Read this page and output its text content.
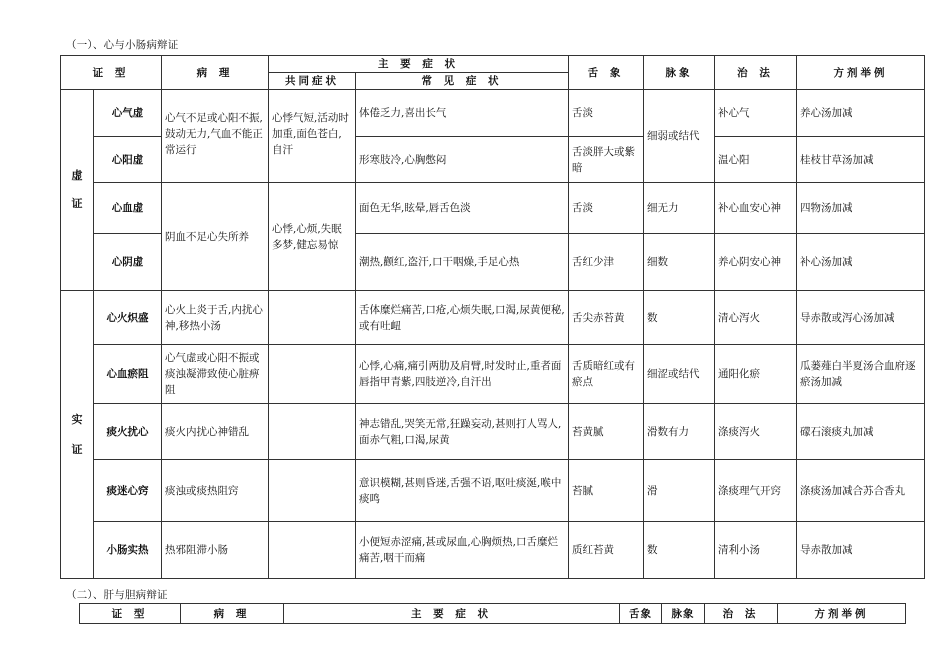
（一）、心与小肠病辩证
证 型		病 理	主 要 症 状		舌 象	脉象	治 法	方剂举例
			共同症状	常 见 症 状				
虚证	心气虚	心气不足或心阳不振,鼓动无力,气血不能正常运行	心悸气短,活动时加重,面色苍白,自汗	体倦乏力,喜出长气	舌淡	细弱或结代	补心气	养心汤加减
	心阳虚			形寒肢冷,心胸憋闷	舌淡胖大或紫暗		温心阳	桂枝甘草汤加减
	心血虚	阴血不足心失所养	心悸,心烦,失眠多梦,健忘易惊	面色无华,眩晕,唇舌色淡	舌淡	细无力	补心血安心神	四物汤加减
	心阴虚			潮热,颧红,盗汗,口干咽燥,手足心热	舌红少津	细数	养心阴安心神	补心汤加减
实证	心火炽盛	心火上炎于舌,内扰心神,移热小汤		舌体糜烂痛苦,口疮,心烦失眠,口渴,尿黄便秘,或有吐衄	舌尖赤苔黄	数	清心泻火	导赤散或泻心汤加减
	心血瘀阻	心气虚或心阳不振或痰浊凝滞致使心脏痹阻		心悸,心痛,痛引两肋及肩臂,时发时止,重者面唇指甲青紫,四肢逆冷,自汗出	舌质暗红或有瘀点	细涩或结代	通阳化瘀	瓜蒌薤白半夏汤合血府逐瘀汤加减
	痰火扰心	痰火内扰心神错乱		神志错乱,哭笑无常,狂躁妄动,甚则打人骂人,面赤气粗,口渴,尿黄	苔黄腻	滑数有力	涤痰泻火	礞石滚痰丸加减
	痰迷心窍	痰浊或痰热阻窍		意识模糊,甚则昏迷,舌强不语,呕吐痰涎,喉中痰鸣	苔腻	滑	涤痰理气开窍	涤痰汤加减合苏合香丸
	小肠实热	热邪阻滞小肠		小便短赤涩痛,甚或尿血,心胸烦热,口舌糜烂痛苦,咽干而痛	质红苔黄	数	清利小汤	导赤散加减
（二）、肝与胆病辩证
证 型	病 理	主 要 症 状	舌象	脉象	治 法	方剂举例
